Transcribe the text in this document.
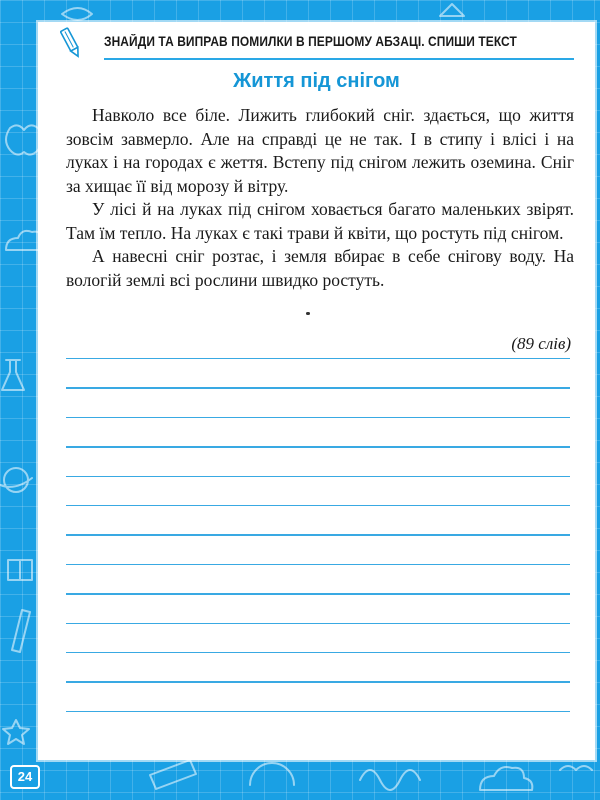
ЗНАЙДИ ТА ВИПРАВ ПОМИЛКИ В ПЕРШОМУ АБЗАЦІ. СПИШИ ТЕКСТ
Життя під снігом

Навколо все біле. Лижить глибокий сніг. здається, що життя зовсім завмерло. Але на справді це не так. І в стипу і влісі і на луках і на городах є жеття. Встепу під снігом лежить оземина. Сніг за хищає її від морозу й вітру.

У лісі й на луках під снігом ховається багато маленьких звірят. Там їм тепло. На луках є такі трави й квіти, що ростуть під снігом.

А навесні сніг розтає, і земля вбирає в себе снігову воду. На вологій землі всі рослини швидко ростуть.

(89 слів)
24
